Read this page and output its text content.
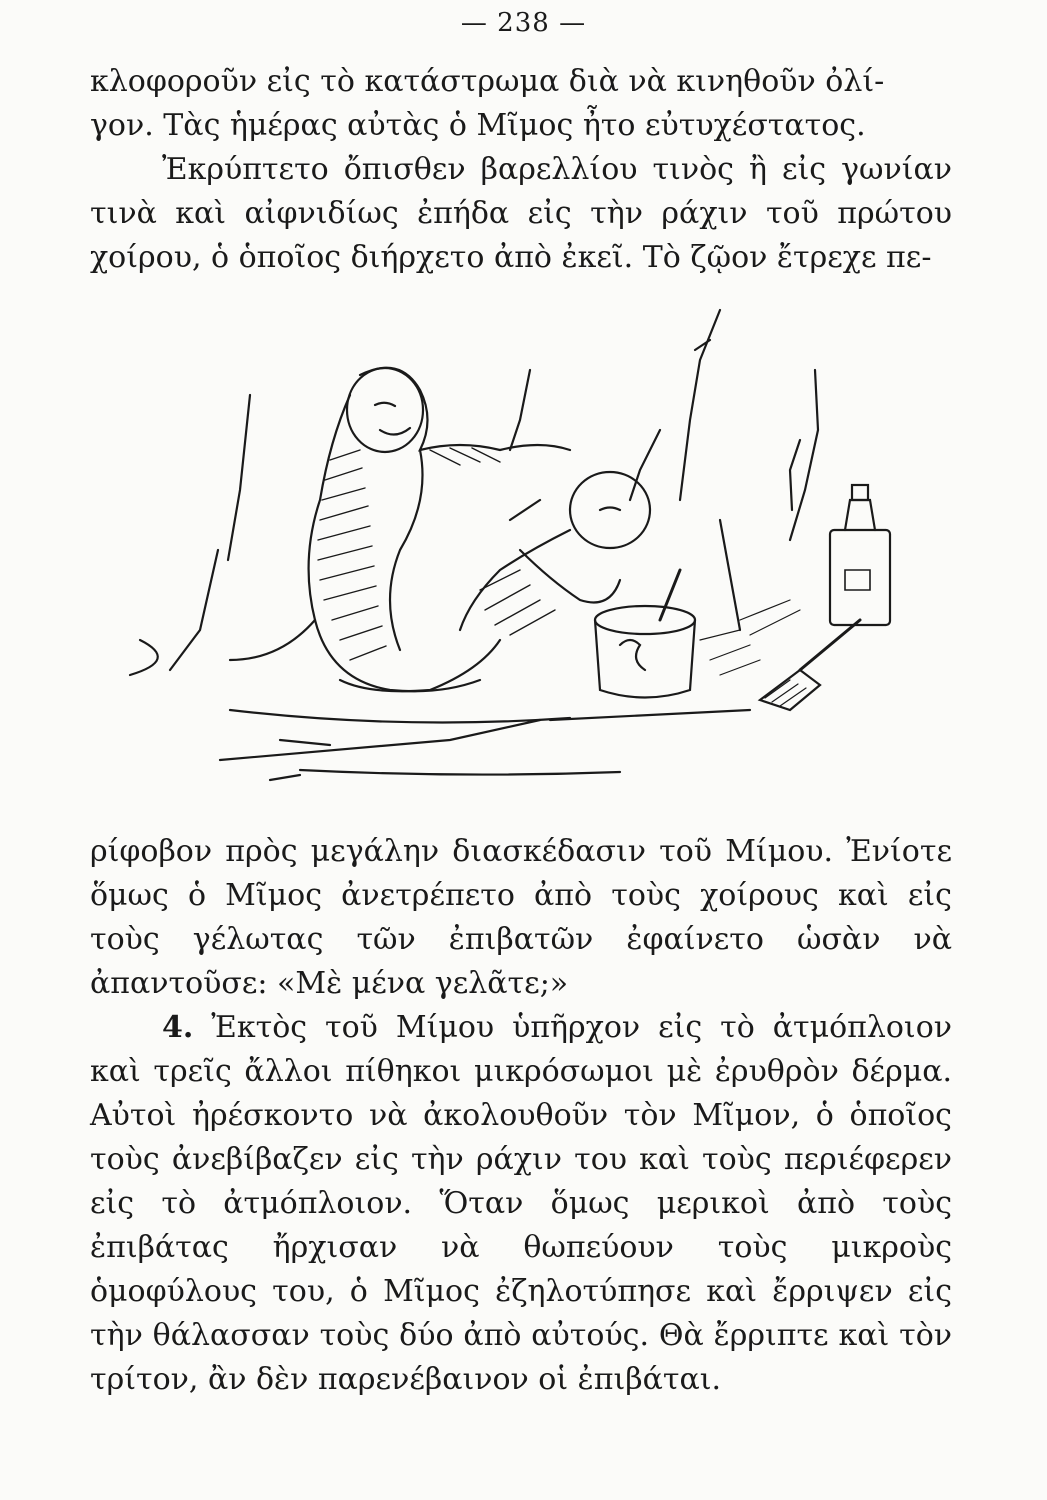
— 238 —

κλοφοροῦν εἰς τὸ κατάστρωμα διὰ νὰ κινηθοῦν ὀλί-
γον. Τὰς ἡμέρας αὐτὰς ὁ Μῖμος ἦτο εὐτυχέστατος.

Ἐκρύπτετο ὄπισθεν βαρελλίου τινὸς ἢ εἰς γωνίαν τινὰ καὶ αἰφνιδίως ἐπήδα εἰς τὴν ράχιν τοῦ πρώτου χοίρου, ὁ ὁποῖος διήρχετο ἀπὸ ἐκεῖ. Τὸ ζῷον ἔτρεχε πε-

ρίφοβον πρὸς μεγάλην διασκέδασιν τοῦ Μίμου. Ἐνίοτε ὅμως ὁ Μῖμος ἀνετρέπετο ἀπὸ τοὺς χοίρους καὶ εἰς τοὺς γέλωτας τῶν ἐπιβατῶν ἐφαίνετο ὡσὰν νὰ ἀπαντοῦσε: «Μὲ μένα γελᾶτε;»

4. Ἐκτὸς τοῦ Μίμου ὑπῆρχον εἰς τὸ ἀτμόπλοιον καὶ τρεῖς ἄλλοι πίθηκοι μικρόσωμοι μὲ ἐρυθρὸν δέρμα. Αὐτοὶ ἠρέσκοντο νὰ ἀκολουθοῦν τὸν Μῖμον, ὁ ὁποῖος τοὺς ἀνεβίβαζεν εἰς τὴν ράχιν του καὶ τοὺς περιέφερεν εἰς τὸ ἀτμόπλοιον. Ὅταν ὅμως μερικοὶ ἀπὸ τοὺς ἐπιβάτας ἤρχισαν νὰ θωπεύουν τοὺς μικροὺς ὁμοφύλους του, ὁ Μῖμος ἐζηλοτύπησε καὶ ἔρριψεν εἰς τὴν θάλασσαν τοὺς δύο ἀπὸ αὐτούς. Θὰ ἔρριπτε καὶ τὸν τρίτον, ἂν δὲν παρενέβαινον οἱ ἐπιβάται.
